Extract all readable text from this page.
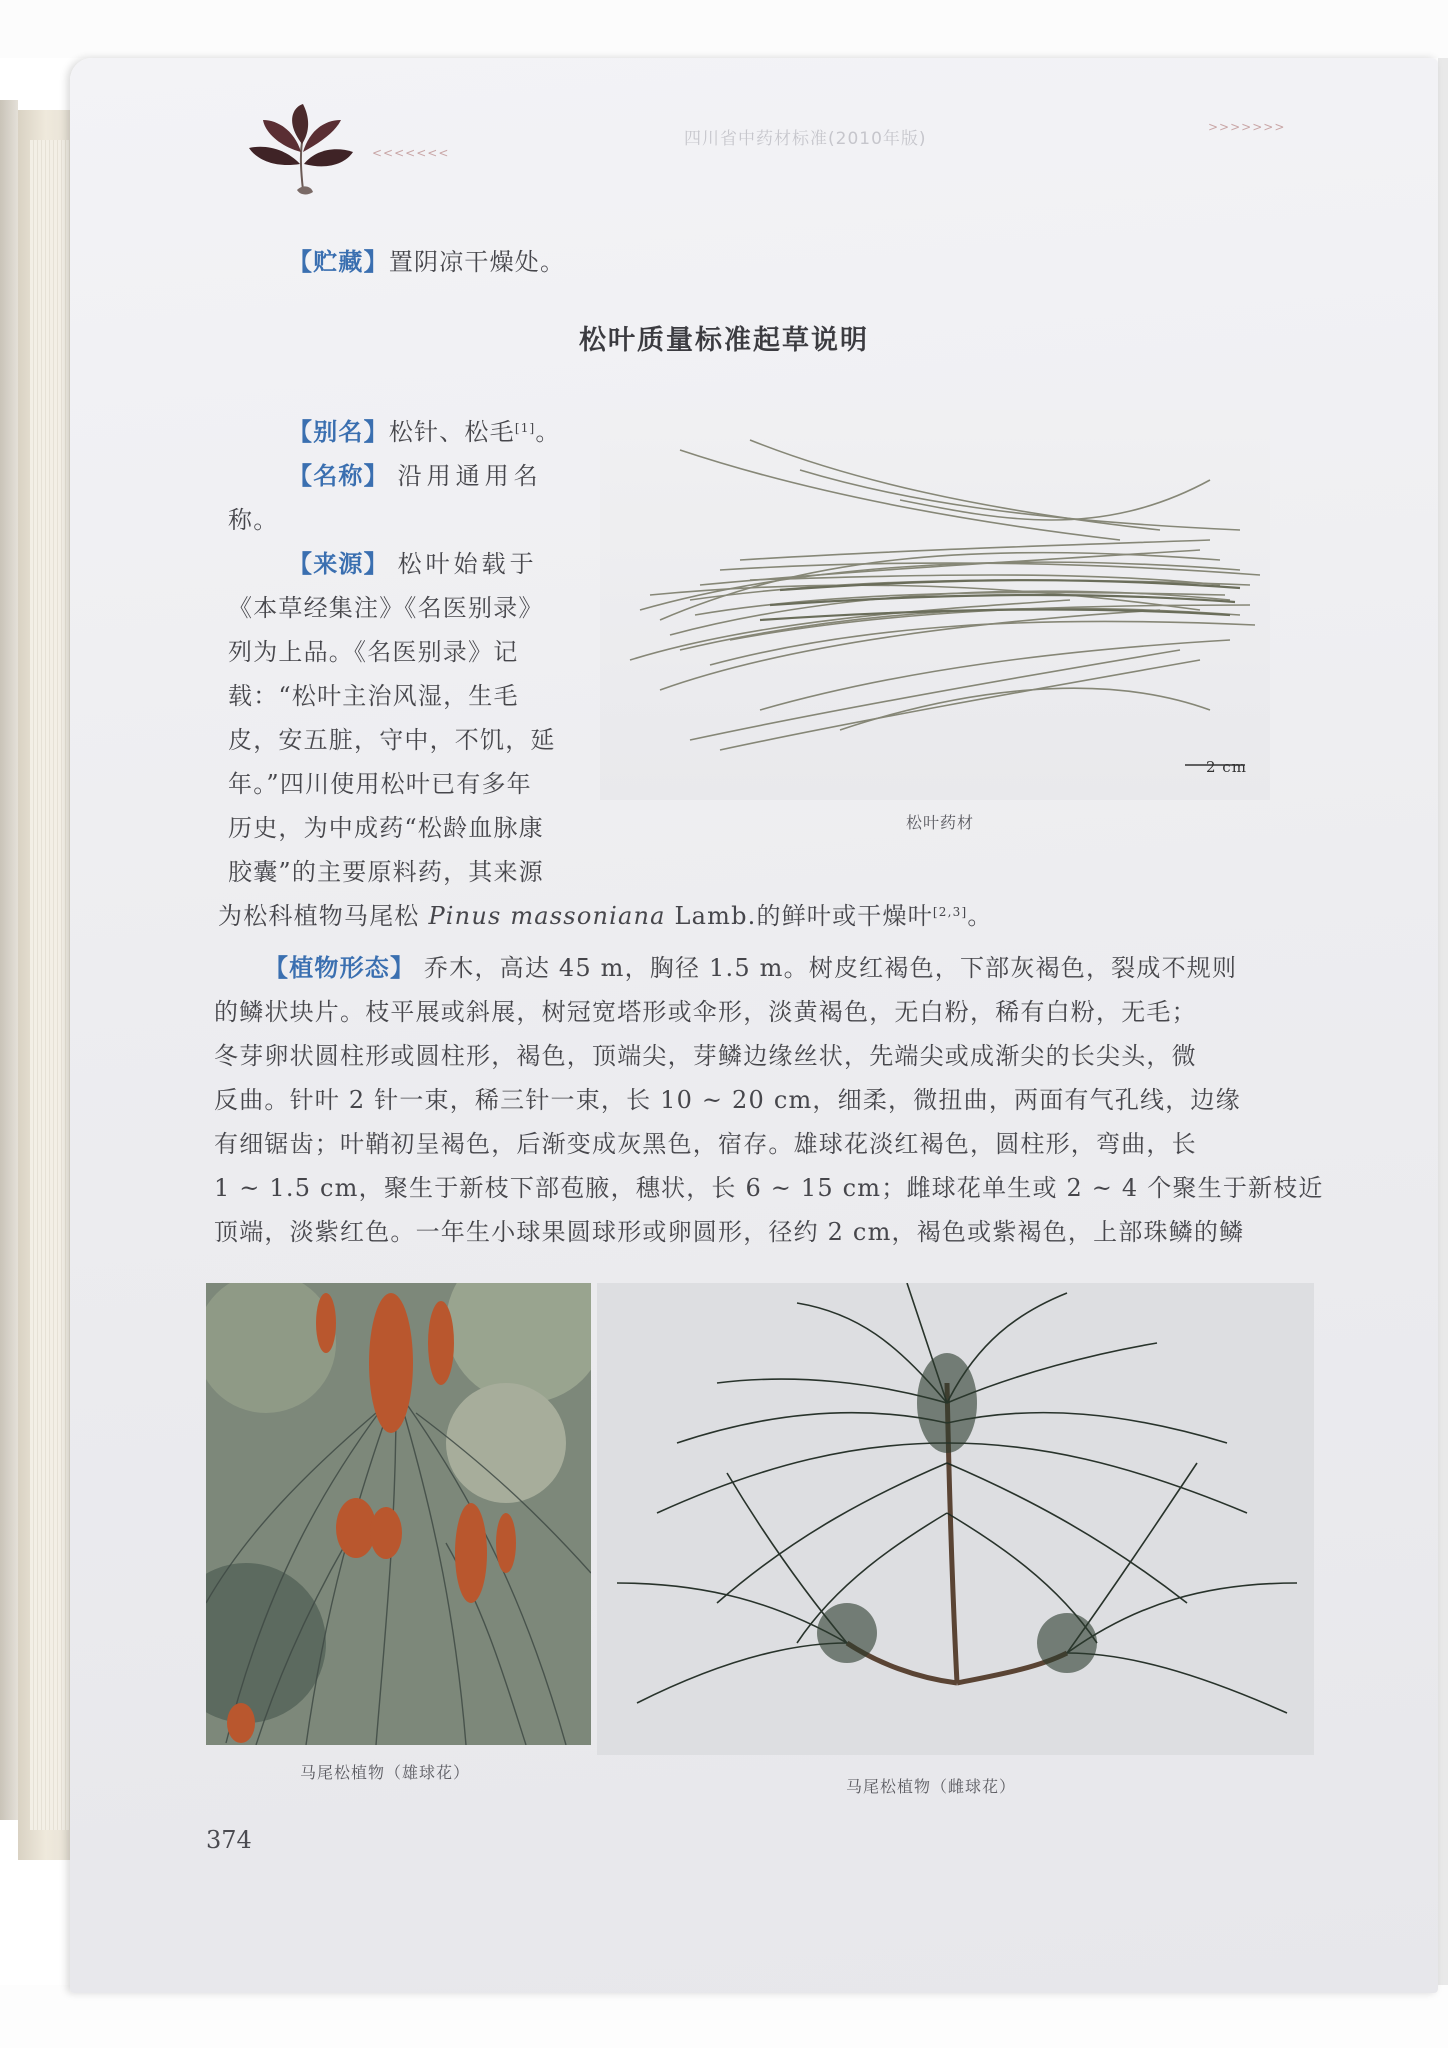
<<<<<<<
四川省中药材标准(2010年版)
>>>>>>>
【贮藏】置阴凉干燥处。
松叶质量标准起草说明
【别名】松针、松毛[1]。
【名称】 沿用通用名
称。
【来源】 松叶始载于
《本草经集注》《名医别录》
列为上品。《名医别录》记
载：“松叶主治风湿，生毛
皮，安五脏，守中，不饥，延
年。”四川使用松叶已有多年
历史，为中成药“松龄血脉康
胶囊”的主要原料药，其来源
为松科植物马尾松 Pinus massoniana Lamb.的鲜叶或干燥叶[2,3]。
2 cm
松叶药材
【植物形态】 乔木，高达 45 m，胸径 1.5 m。树皮红褐色，下部灰褐色，裂成不规则
的鳞状块片。枝平展或斜展，树冠宽塔形或伞形，淡黄褐色，无白粉，稀有白粉，无毛；
冬芽卵状圆柱形或圆柱形，褐色，顶端尖，芽鳞边缘丝状，先端尖或成渐尖的长尖头，微
反曲。针叶 2 针一束，稀三针一束，长 10 ~ 20 cm，细柔，微扭曲，两面有气孔线，边缘
有细锯齿；叶鞘初呈褐色，后渐变成灰黑色，宿存。雄球花淡红褐色，圆柱形，弯曲，长
1 ~ 1.5 cm，聚生于新枝下部苞腋，穗状，长 6 ~ 15 cm；雌球花单生或 2 ~ 4 个聚生于新枝近
顶端，淡紫红色。一年生小球果圆球形或卵圆形，径约 2 cm，褐色或紫褐色，上部珠鳞的鳞
马尾松植物（雄球花）
马尾松植物（雌球花）
374
